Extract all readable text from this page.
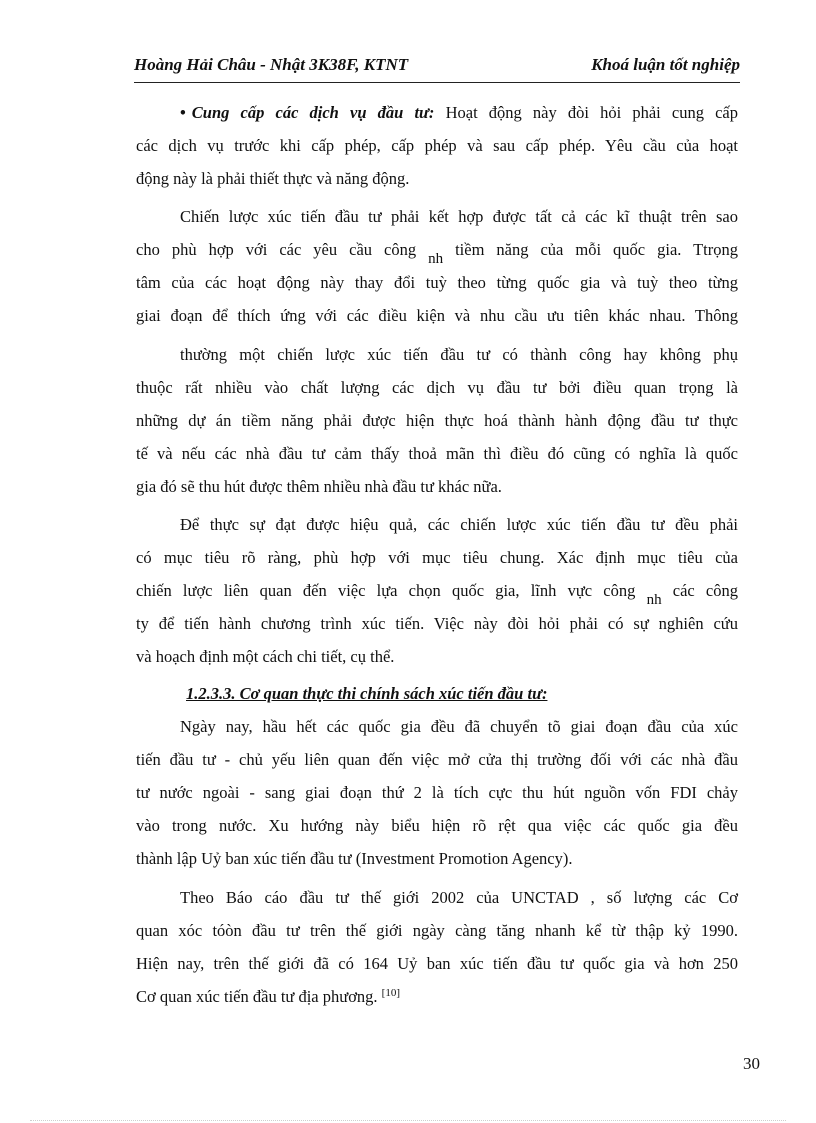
Hoàng Hải Châu - Nhật 3K38F, KTNT	Khoá luận tốt nghiệp
• Cung cấp các dịch vụ đầu tư: Hoạt động này đòi hỏi phải cung cấp
các dịch vụ trước khi cấp phép, cấp phép và sau cấp phép. Yêu cầu của hoạt
động này là phải thiết thực và năng động.
Chiến lược xúc tiến đầu tư phải kết hợp được tất cả các kĩ thuật trên sao
cho phù hợp với các yêu cầu công nh tiềm năng của mỗi quốc gia. Ttrọng
tâm của các hoạt động này thay đổi tuỳ theo từng quốc gia và tuỳ theo từng
giai đoạn để thích ứng với các điều kiện và nhu cầu ưu tiên khác nhau. Thông
thường một chiến lược xúc tiến đầu tư có thành công hay không phụ
thuộc rất nhiều vào chất lượng các dịch vụ đầu tư bởi điều quan trọng là
những dự án tiềm năng phải được hiện thực hoá thành hành động đầu tư thực
tế và nếu các nhà đầu tư cảm thấy thoả mãn thì điều đó cũng có nghĩa là quốc
gia đó sẽ thu hút được thêm nhiều nhà đầu tư khác nữa.
Để thực sự đạt được hiệu quả, các chiến lược xúc tiến đầu tư đều phải
có mục tiêu rõ ràng, phù hợp với mục tiêu chung. Xác định mục tiêu của
chiến lược liên quan đến việc lựa chọn quốc gia, lĩnh vực công nh các công
ty để tiến hành chương trình xúc tiến. Việc này đòi hỏi phải có sự nghiên cứu
và hoạch định một cách chi tiết, cụ thể.
1.2.3.3. Cơ quan thực thi chính sách xúc tiến đầu tư:
Ngày nay, hầu hết các quốc gia đều đã chuyển tõ giai đoạn đầu của xúc
tiến đầu tư - chủ yếu liên quan đến việc mở cửa thị trường đối với các nhà đầu
tư nước ngoài - sang giai đoạn thứ 2 là tích cực thu hút nguồn vốn FDI chảy
vào trong nước. Xu hướng này biểu hiện rõ rệt qua việc các quốc gia đều
thành lập Uỷ ban xúc tiến đầu tư (Investment Promotion Agency).
Theo Báo cáo đầu tư thế giới 2002 của UNCTAD , số lượng các Cơ
quan xóc tóòn đầu tư trên thế giới ngày càng tăng nhanh kể từ thập kỷ 1990.
Hiện nay, trên thế giới đã có 164 Uỷ ban xúc tiến đầu tư quốc gia và hơn 250
Cơ quan xúc tiến đầu tư địa phương. [10]
30
